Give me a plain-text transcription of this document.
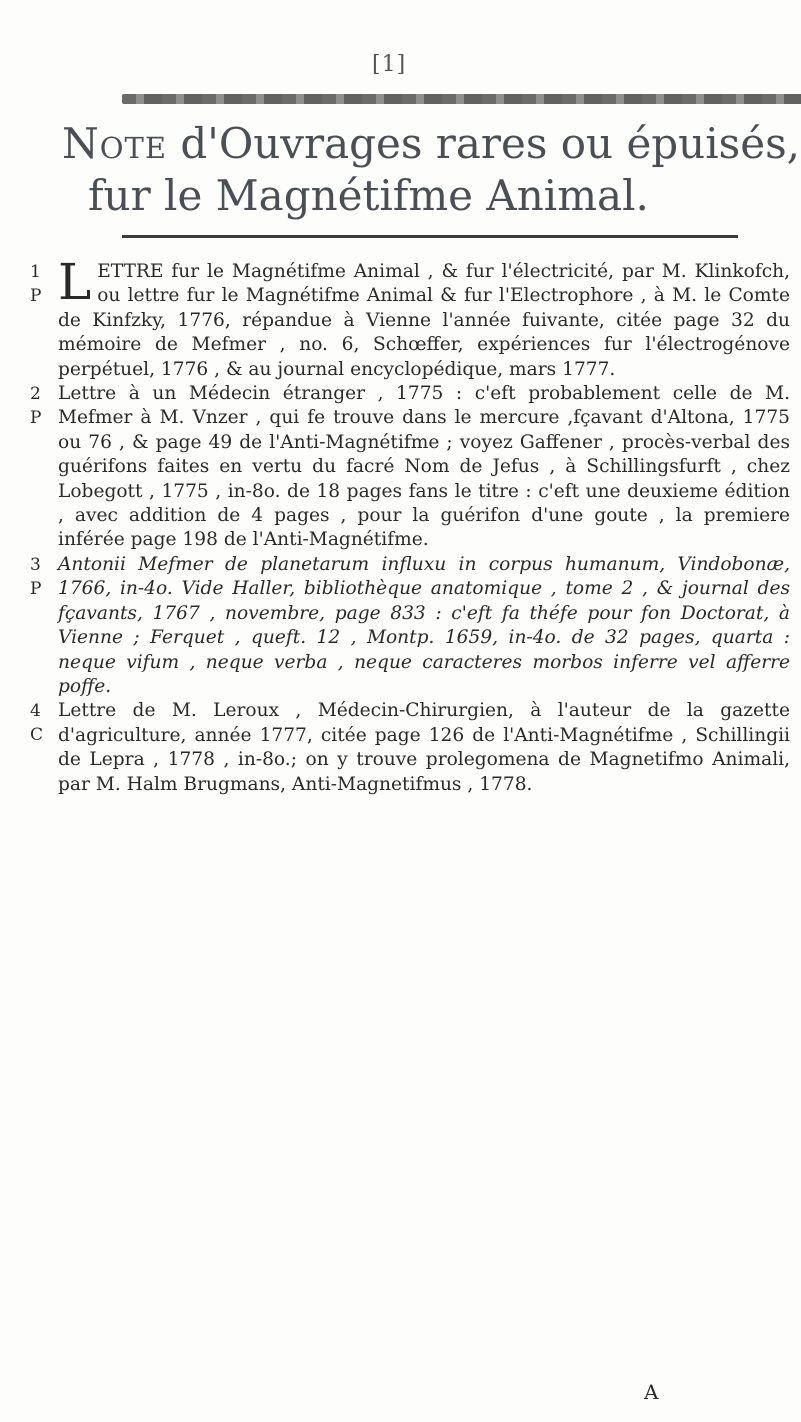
[1]
Note d'Ouvrages rares ou épuisés,
fur le Magnétifme Animal.
1
P LETTRE fur le Magnétifme Animal , & fur l'électricité, par M. Klinkofch, ou lettre fur le Magnétifme Animal & fur l'Electrophore , à M. le Comte de Kinfzky, 1776, répandue à Vienne l'année fuivante, citée page 32 du mémoire de Mefmer , no. 6, Schœffer, expériences fur l'électrogénove perpétuel, 1776 , & au journal encyclopédique, mars 1777.

2
P

Lettre à un Médecin étranger , 1775 : c'eft probablement celle de M. Mefmer à M. Vnzer , qui fe trouve dans le mercure ,fçavant d'Altona, 1775 ou 76 , & page 49 de l'Anti-Magnétifme ; voyez Gaffener , procès-verbal des guérifons faites en vertu du facré Nom de Jefus , à Schillingsfurft , chez Lobegott , 1775 , in-8o. de 18 pages fans le titre : c'eft une deuxieme édition , avec addition de 4 pages , pour la guérifon d'une goute , la premiere inférée page 198 de l'Anti-Magnétifme.

3
P

Antonii Mefmer de planetarum influxu in corpus humanum, Vindobonæ, 1766, in-4o. Vide Haller, bibliothèque anatomique , tome 2 , & journal des fçavants, 1767 , novembre, page 833 : c'eft fa théfe pour fon Doctorat, à Vienne ; Ferquet , queft. 12 , Montp. 1659, in-4o. de 32 pages, quarta : neque vifum , neque verba , neque caracteres morbos inferre vel afferre poffe.

4
C

Lettre de M. Leroux , Médecin-Chirurgien, à l'auteur de la gazette d'agriculture, année 1777, citée page 126 de l'Anti-Magnétifme , Schillingii de Lepra , 1778 , in-8o.; on y trouve prolegomena de Magnetifmo Animali, par M. Halm Brugmans, Anti-Magnetifmus , 1778.

A
